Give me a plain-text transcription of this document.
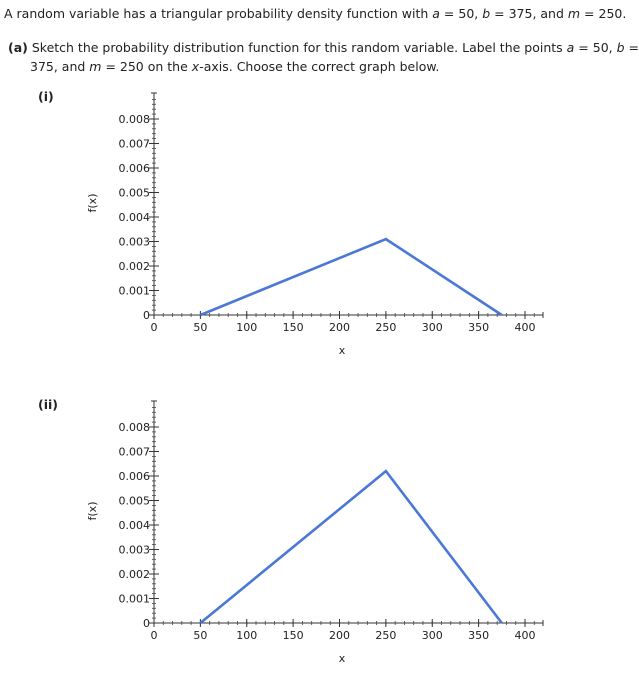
A random variable has a triangular probability density function with a = 50, b = 375, and m = 250.
(a) Sketch the probability distribution function for this random variable. Label the points a = 50, b =
375, and m = 250 on the x-axis. Choose the correct graph below.
(i)
0
0.001
0.002
0.003
0.004
0.005
0.006
0.007
0.008
f(x)
0	50	100 150 200 250 300 350 400
x
(ii)
0
0.001
0.002
0.003
0.004
0.005
0.006
0.007
0.008
f(x)
0	50	100 150 200 250 300 350 400
x
